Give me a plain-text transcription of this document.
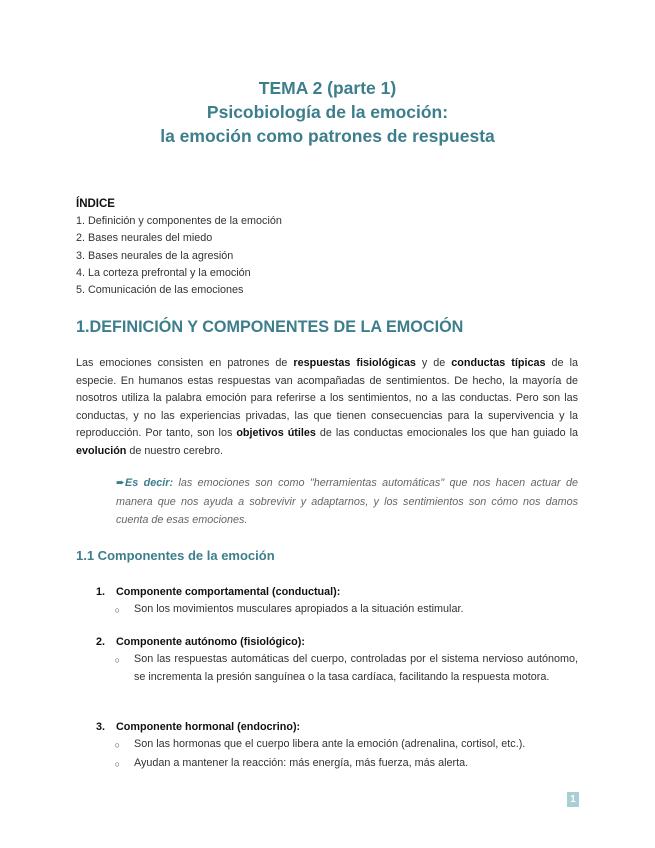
TEMA 2 (parte 1)
Psicobiología de la emoción:
la emoción como patrones de respuesta
ÍNDICE
1. Definición y componentes de la emoción
2. Bases neurales del miedo
3. Bases neurales de la agresión
4. La corteza prefrontal y la emoción
5. Comunicación de las emociones
1.DEFINICIÓN Y COMPONENTES DE LA EMOCIÓN
Las emociones consisten en patrones de respuestas fisiológicas y de conductas típicas de la especie. En humanos estas respuestas van acompañadas de sentimientos. De hecho, la mayoría de nosotros utiliza la palabra emoción para referirse a los sentimientos, no a las conductas. Pero son las conductas, y no las experiencias privadas, las que tienen consecuencias para la supervivencia y la reproducción. Por tanto, son los objetivos útiles de las conductas emocionales los que han guiado la evolución de nuestro cerebro.
➨Es decir: las emociones son como "herramientas automáticas" que nos hacen actuar de manera que nos ayuda a sobrevivir y adaptarnos, y los sentimientos son cómo nos damos cuenta de esas emociones.
1.1 Componentes de la emoción
1.	Componente comportamental (conductual):
○	Son los movimientos musculares apropiados a la situación estimular.
2.	Componente autónomo (fisiológico):
○	Son las respuestas automáticas del cuerpo, controladas por el sistema nervioso autónomo, se incrementa la presión sanguínea o la tasa cardíaca, facilitando la respuesta motora.
3.	Componente hormonal (endocrino):
○	Son las hormonas que el cuerpo libera ante la emoción (adrenalina, cortisol, etc.).
○	Ayudan a mantener la reacción: más energía, más fuerza, más alerta.
1
